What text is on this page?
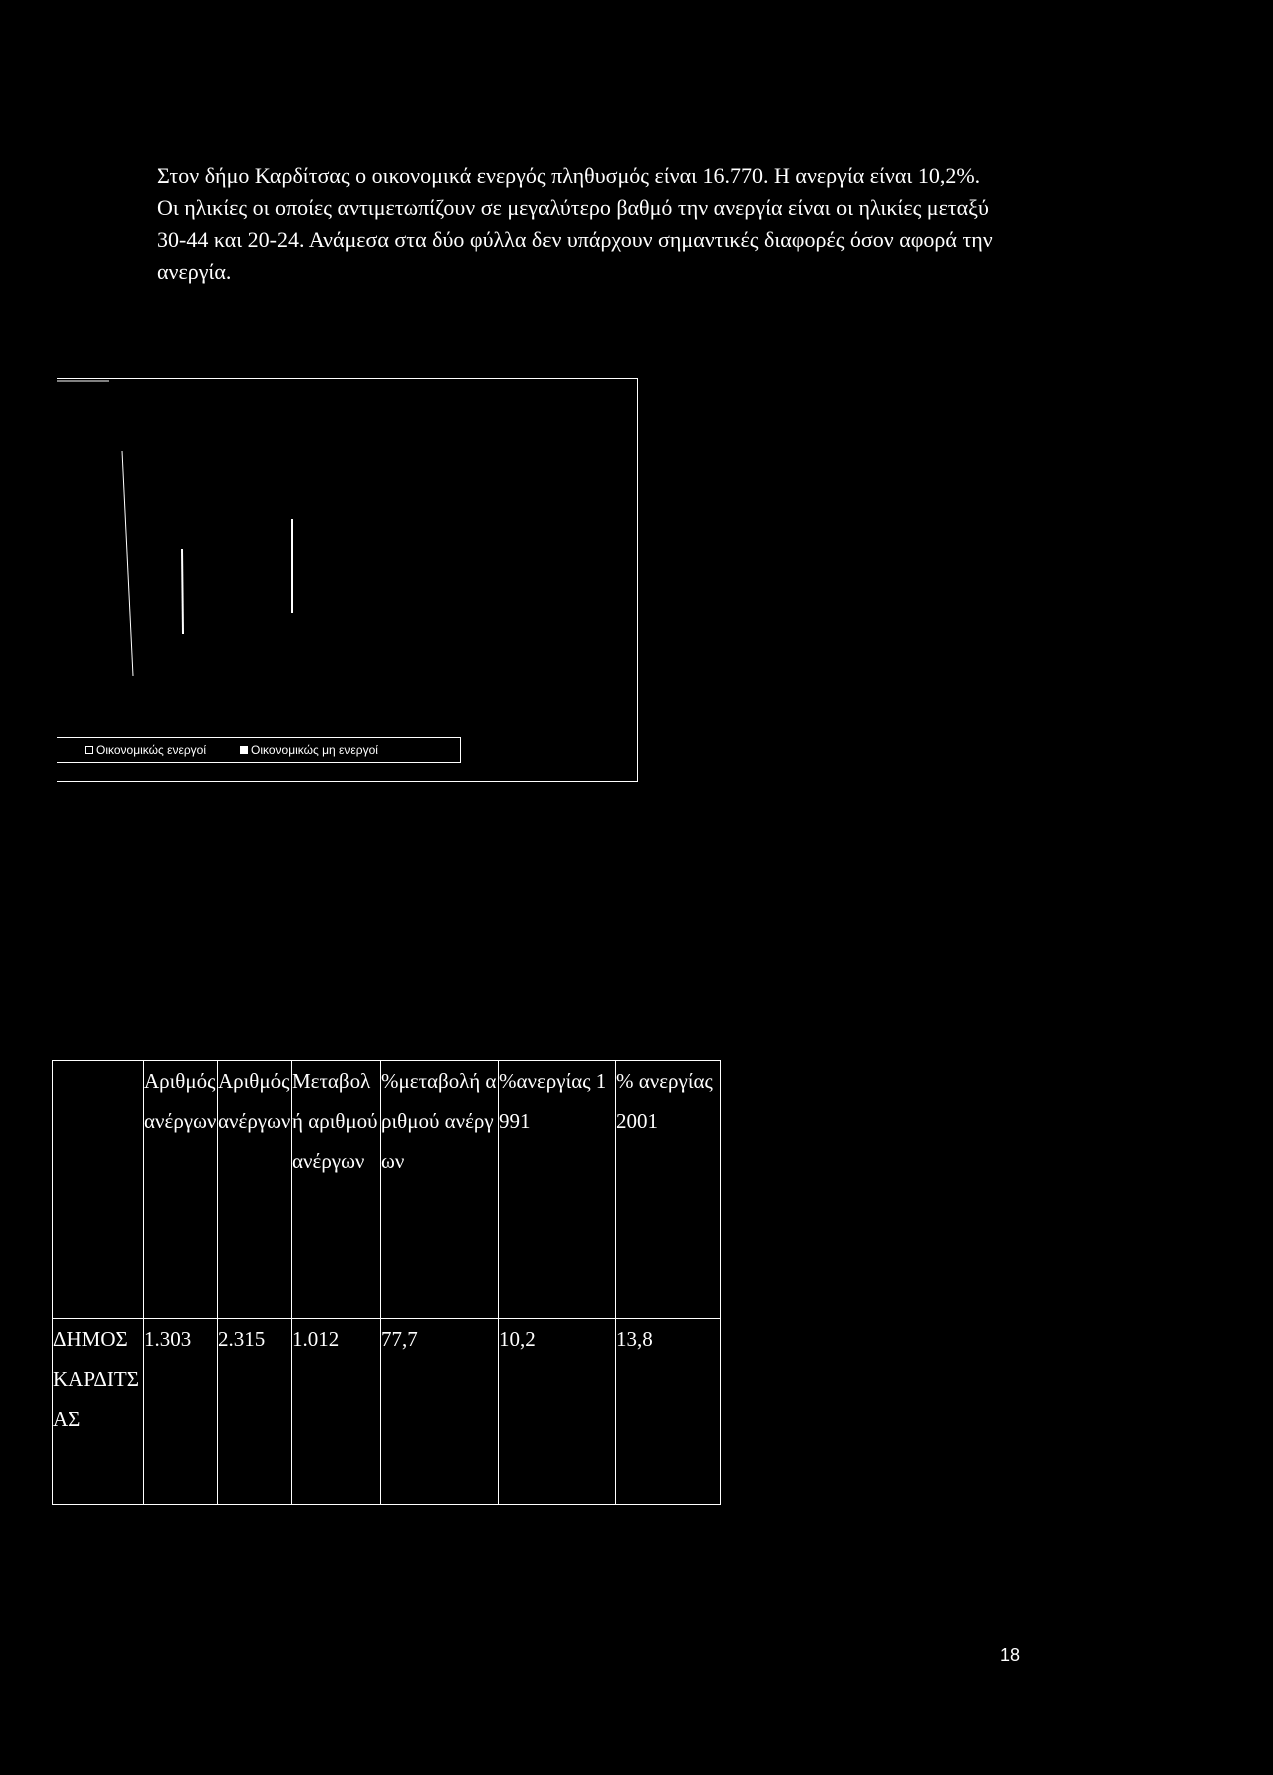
Στον δήμο Καρδίτσας ο οικονομικά ενεργός πληθυσμός είναι 16.770. Η ανεργία είναι 10,2%. Οι ηλικίες οι οποίες αντιμετωπίζουν σε μεγαλύτερο βαθμό την ανεργία είναι οι ηλικίες μεταξύ 30-44 και 20-24. Ανάμεσα στα δύο φύλλα δεν υπάρχουν σημαντικές διαφορές όσον αφορά την ανεργία.

Οικονομικώς ενεργοί	Οικονομικώς μη ενεργοί

	Αριθμός ανέργων	Αριθμός ανέργων	Μεταβολή αριθμού ανέργων	%μεταβολή αριθμού ανέργων	%ανεργίας 1991	% ανεργίας 2001

ΔΗΜΟΣ ΚΑΡΔΙΤΣΑΣ	1.303	2.315	1.012	77,7	10,2	13,8
18
